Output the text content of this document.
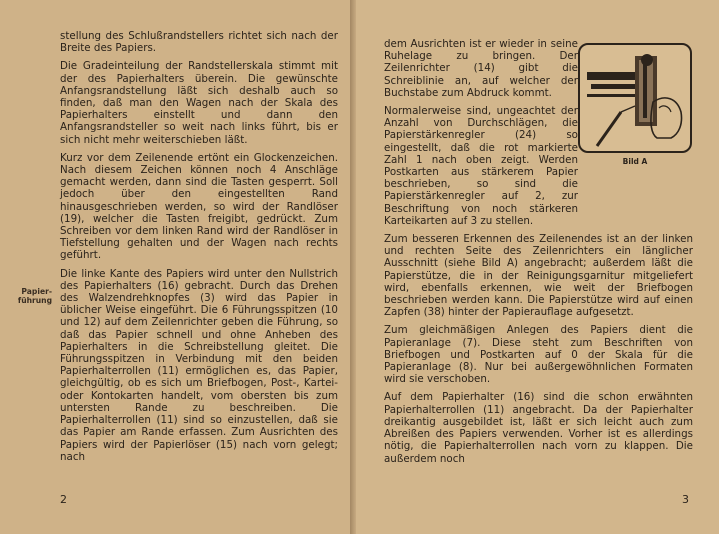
stellung des Schlußrandstellers richtet sich nach der Breite des Papiers.

Die Gradeinteilung der Randstellerskala stimmt mit der des Papierhalters überein. Die gewünschte Anfangsrandstellung läßt sich deshalb auch so finden, daß man den Wagen nach der Skala des Papierhalters einstellt und dann den Anfangsrandsteller so weit nach links führt, bis er sich nicht mehr weiterschieben läßt.

Kurz vor dem Zeilenende ertönt ein Glockenzeichen. Nach diesem Zeichen können noch 4 Anschläge gemacht werden, dann sind die Tasten gesperrt. Soll jedoch über den eingestellten Rand hinausgeschrieben werden, so wird der Randlöser (19), welcher die Tasten freigibt, gedrückt. Zum Schreiben vor dem linken Rand wird der Randlöser in Tiefstellung gehalten und der Wagen nach rechts geführt.

Die linke Kante des Papiers wird unter den Nullstrich des Papierhalters (16) gebracht. Durch das Drehen des Walzendrehknopfes (3) wird das Papier in üblicher Weise eingeführt. Die 6 Führungsspitzen (10 und 12) auf dem Zeilenrichter geben die Führung, so daß das Papier schnell und ohne Anheben des Papierhalters in die Schreibstellung gleitet. Die Führungsspitzen in Verbindung mit den beiden Papierhalterrollen (11) ermöglichen es, das Papier, gleichgültig, ob es sich um Briefbogen, Post-, Kartei- oder Kontokarten handelt, vom obersten bis zum untersten Rande zu beschreiben. Die Papierhalterrollen (11) sind so einzustellen, daß sie das Papier am Rande erfassen. Zum Ausrichten des Papiers wird der Papierlöser (15) nach vorn gelegt; nach

Papier-
führung
2

dem Ausrichten ist er wieder in seine Ruhelage zu bringen. Der Zeilenrichter (14) gibt die Schreiblinie an, auf welcher der Buchstabe zum Abdruck kommt.

Normalerweise sind, ungeachtet der Anzahl von Durchschlägen, die Papierstärkenregler (24) so eingestellt, daß die rot markierte Zahl 1 nach oben zeigt. Werden Postkarten aus stärkerem Papier beschrieben, so sind die Papierstärkenregler auf 2, zur Beschriftung von noch stärkeren Karteikarten auf 3 zu stellen.

Zum besseren Erkennen des Zeilenendes ist an der linken und rechten Seite des Zeilenrichters ein länglicher Ausschnitt (siehe Bild A) angebracht; außerdem läßt die Papierstütze, die in der Reinigungsgarnitur mitgeliefert wird, ebenfalls erkennen, wie weit der Briefbogen beschrieben werden kann. Die Papierstütze wird auf einen Zapfen (38) hinter der Papierauflage aufgesetzt.

Zum gleichmäßigen Anlegen des Papiers dient die Papieranlage (7). Diese steht zum Beschriften von Briefbogen und Postkarten auf 0 der Skala für die Papieranlage (8). Nur bei außergewöhnlichen Formaten wird sie verschoben.

Auf dem Papierhalter (16) sind die schon erwähnten Papierhalterrollen (11) angebracht. Da der Papierhalter dreikantig ausgebildet ist, läßt er sich leicht auch zum Abreißen des Papiers verwenden. Vorher ist es allerdings nötig, die Papierhalterrollen nach vorn zu klappen. Die außerdem noch

Bild A
3
